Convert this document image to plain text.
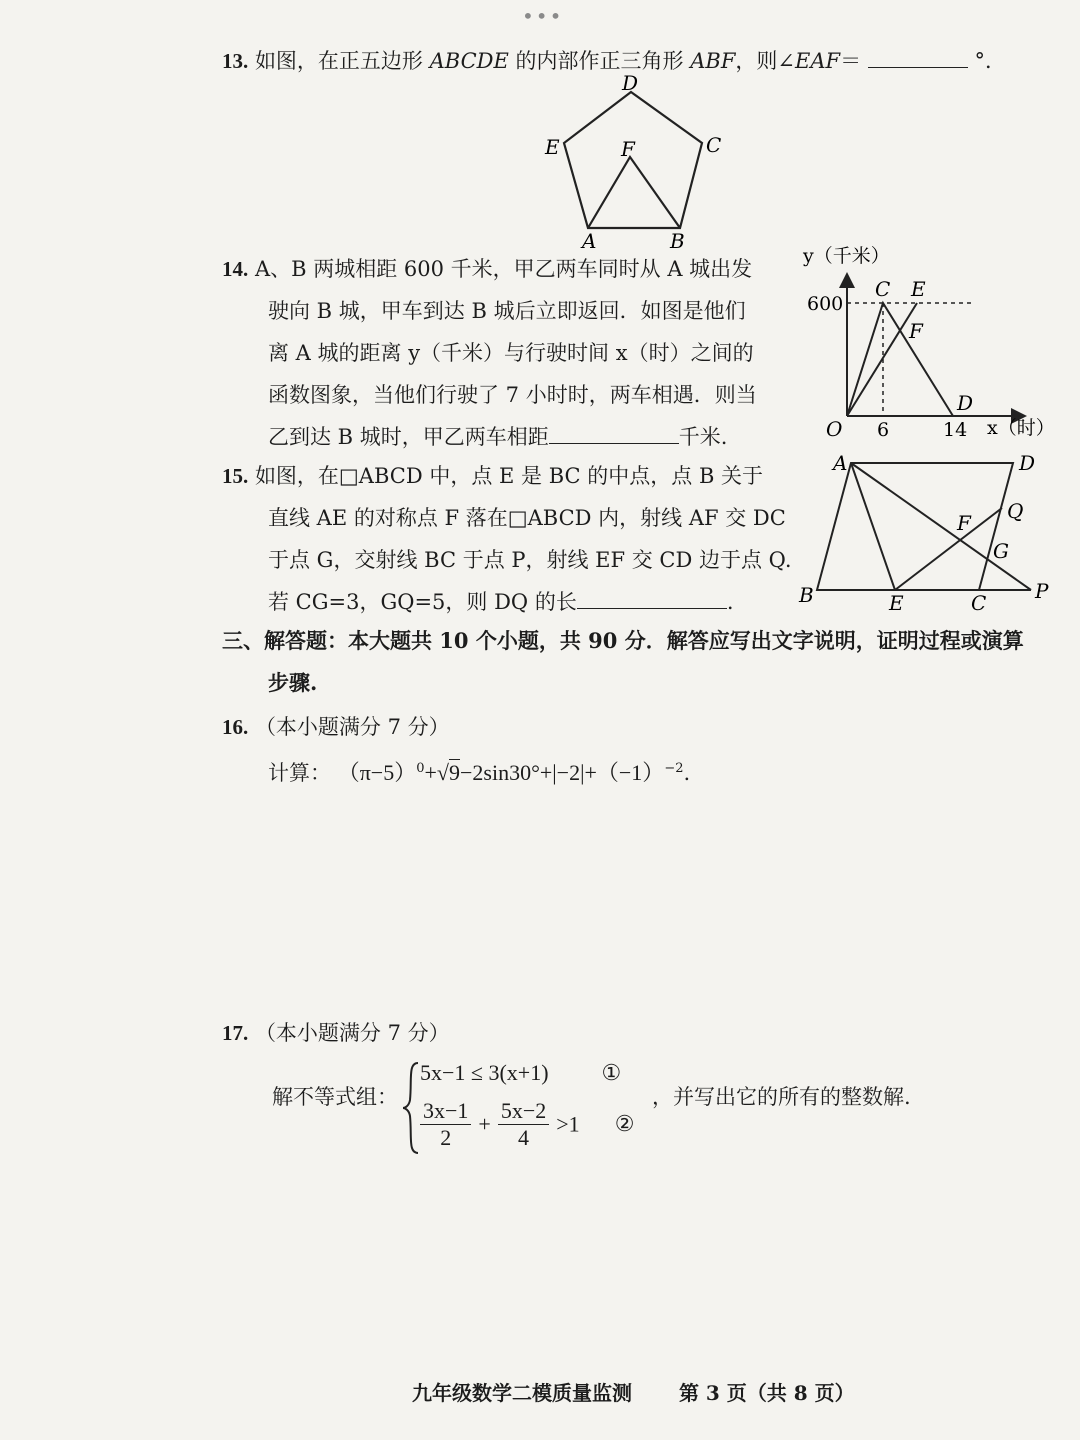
•••
13. 如图，在正五边形 ABCDE 的内部作正三角形 ABF，则∠EAF＝	°．
D
C
E	F
A	B
14. A、B 两城相距 600 千米，甲乙两车同时从 A 城出发
驶向 B 城，甲车到达 B 城后立即返回．如图是他们
离 A 城的距离 y（千米）与行驶时间 x（时）之间的
函数图象，当他们行驶了 7 小时时，两车相遇．则当
乙到达 B 城时，甲乙两车相距	千米.
y（千米）
600
O 6	14 x（时）
C E
F
D
15. 如图，在□ABCD 中，点 E 是 BC 的中点，点 B 关于
直线 AE 的对称点 F 落在□ABCD 内，射线 AF 交 DC
于点 G，交射线 BC 于点 P，射线 EF 交 CD 边于点 Q.
若 CG=3，GQ=5，则 DQ 的长	.
A	D
Q
F
G
B	E	C P
三、解答题：本大题共 10 个小题，共 90 分．解答应写出文字说明，证明过程或演算
步骤.
16. （本小题满分 7 分）
计算： $(\pi-5)^0+√9-2\sin 30^\circ+|-2|+(-1)^{-2}$.
17. （本小题满分 7 分）
解不等式组：
5x−1 ≤ 3(x+1) ①
$\frac{3x-1}{2} + \frac{5x-2}{4} >1$ ②
，并写出它的所有的整数解.
九年级数学二模质量监测 第 3 页（共 8 页）
